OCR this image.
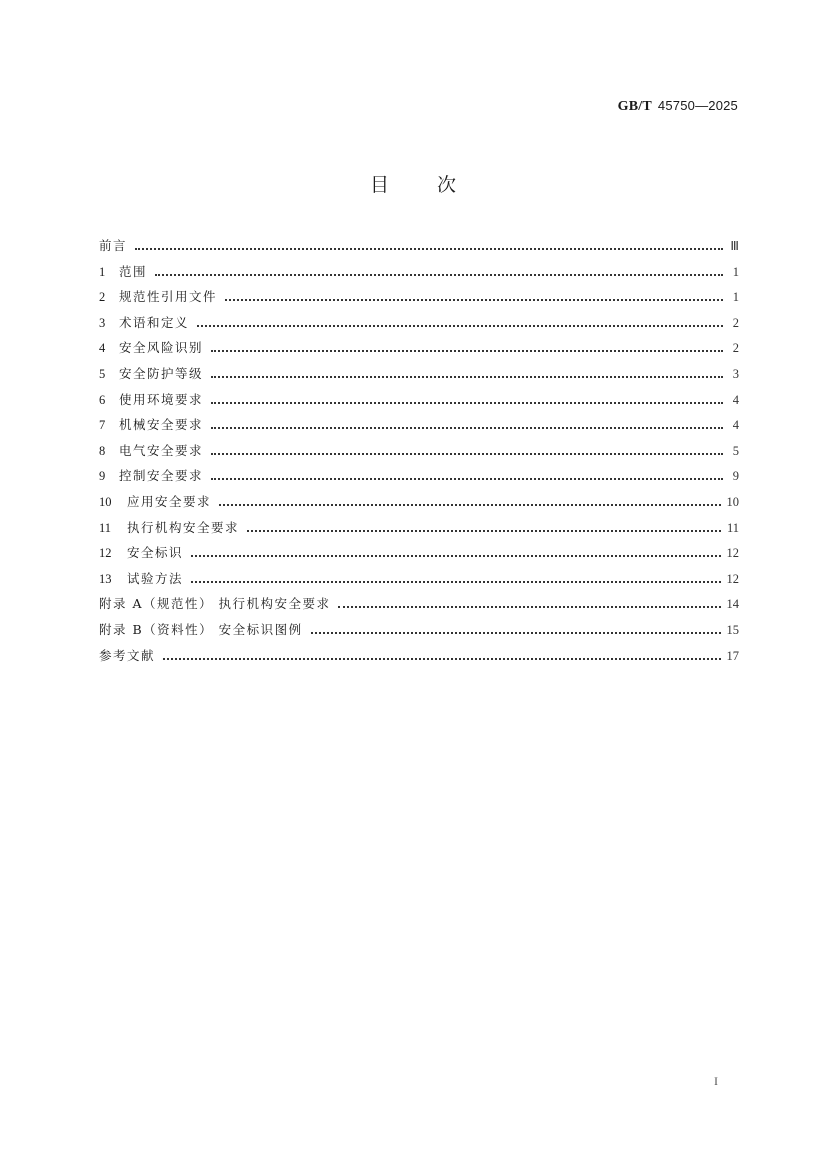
GB/T 45750—2025
目	次
前言	Ⅲ
1	范围	1
2	规范性引用文件	1
3	术语和定义	2
4	安全风险识别	2
5	安全防护等级	3
6	使用环境要求	4
7	机械安全要求	4
8	电气安全要求	5
9	控制安全要求	9
10	应用安全要求	10
11	执行机构安全要求	11
12	安全标识	12
13	试验方法	12
附录 A（规范性） 执行机构安全要求	14
附录 B（资料性） 安全标识图例	15
参考文献	17
I
